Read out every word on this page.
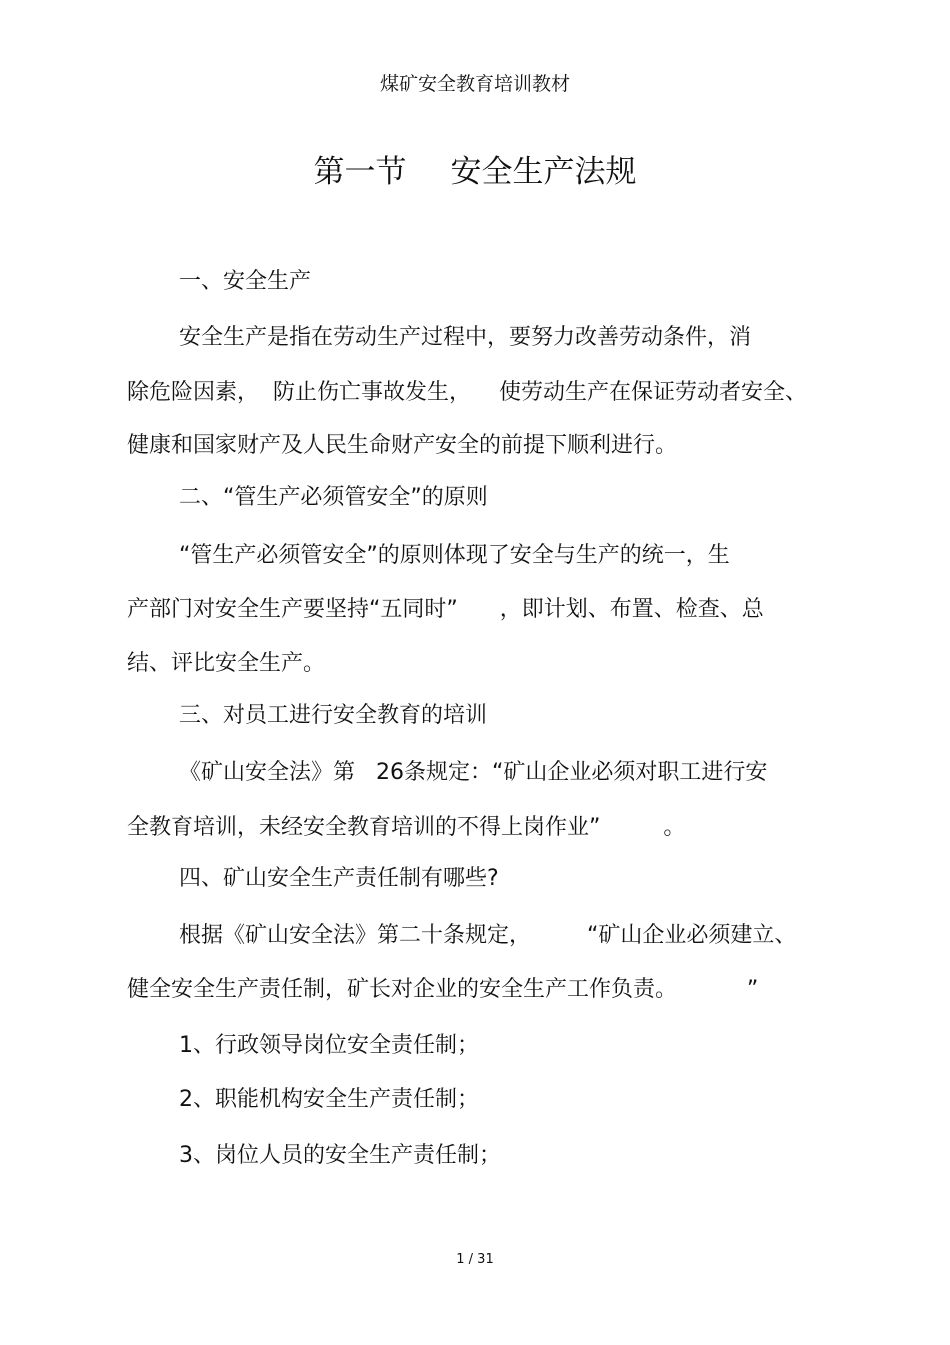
煤矿安全教育培训教材
第一节 安全生产法规
一、安全生产
安全生产是指在劳动生产过程中，要努力改善劳动条件，消
除危险因素，  防止伤亡事故发生，    使劳动生产在保证劳动者安全、
健康和国家财产及人民生命财产安全的前提下顺利进行。
二、“管生产必须管安全”的原则
“管生产必须管安全”的原则体现了安全与生产的统一，生
产部门对安全生产要坚持“五同时”      ，即计划、布置、检查、总
结、评比安全生产。
三、对员工进行安全教育的培训
《矿山安全法》第   26条规定：“矿山企业必须对职工进行安
全教育培训，未经安全教育培训的不得上岗作业”         。
四、矿山安全生产责任制有哪些?
根据《矿山安全法》第二十条规定，        “矿山企业必须建立、
健全安全生产责任制，矿长对企业的安全生产工作负责。          ”
1、行政领导岗位安全责任制；
2、职能机构安全生产责任制；
3、岗位人员的安全生产责任制；
1 / 31
